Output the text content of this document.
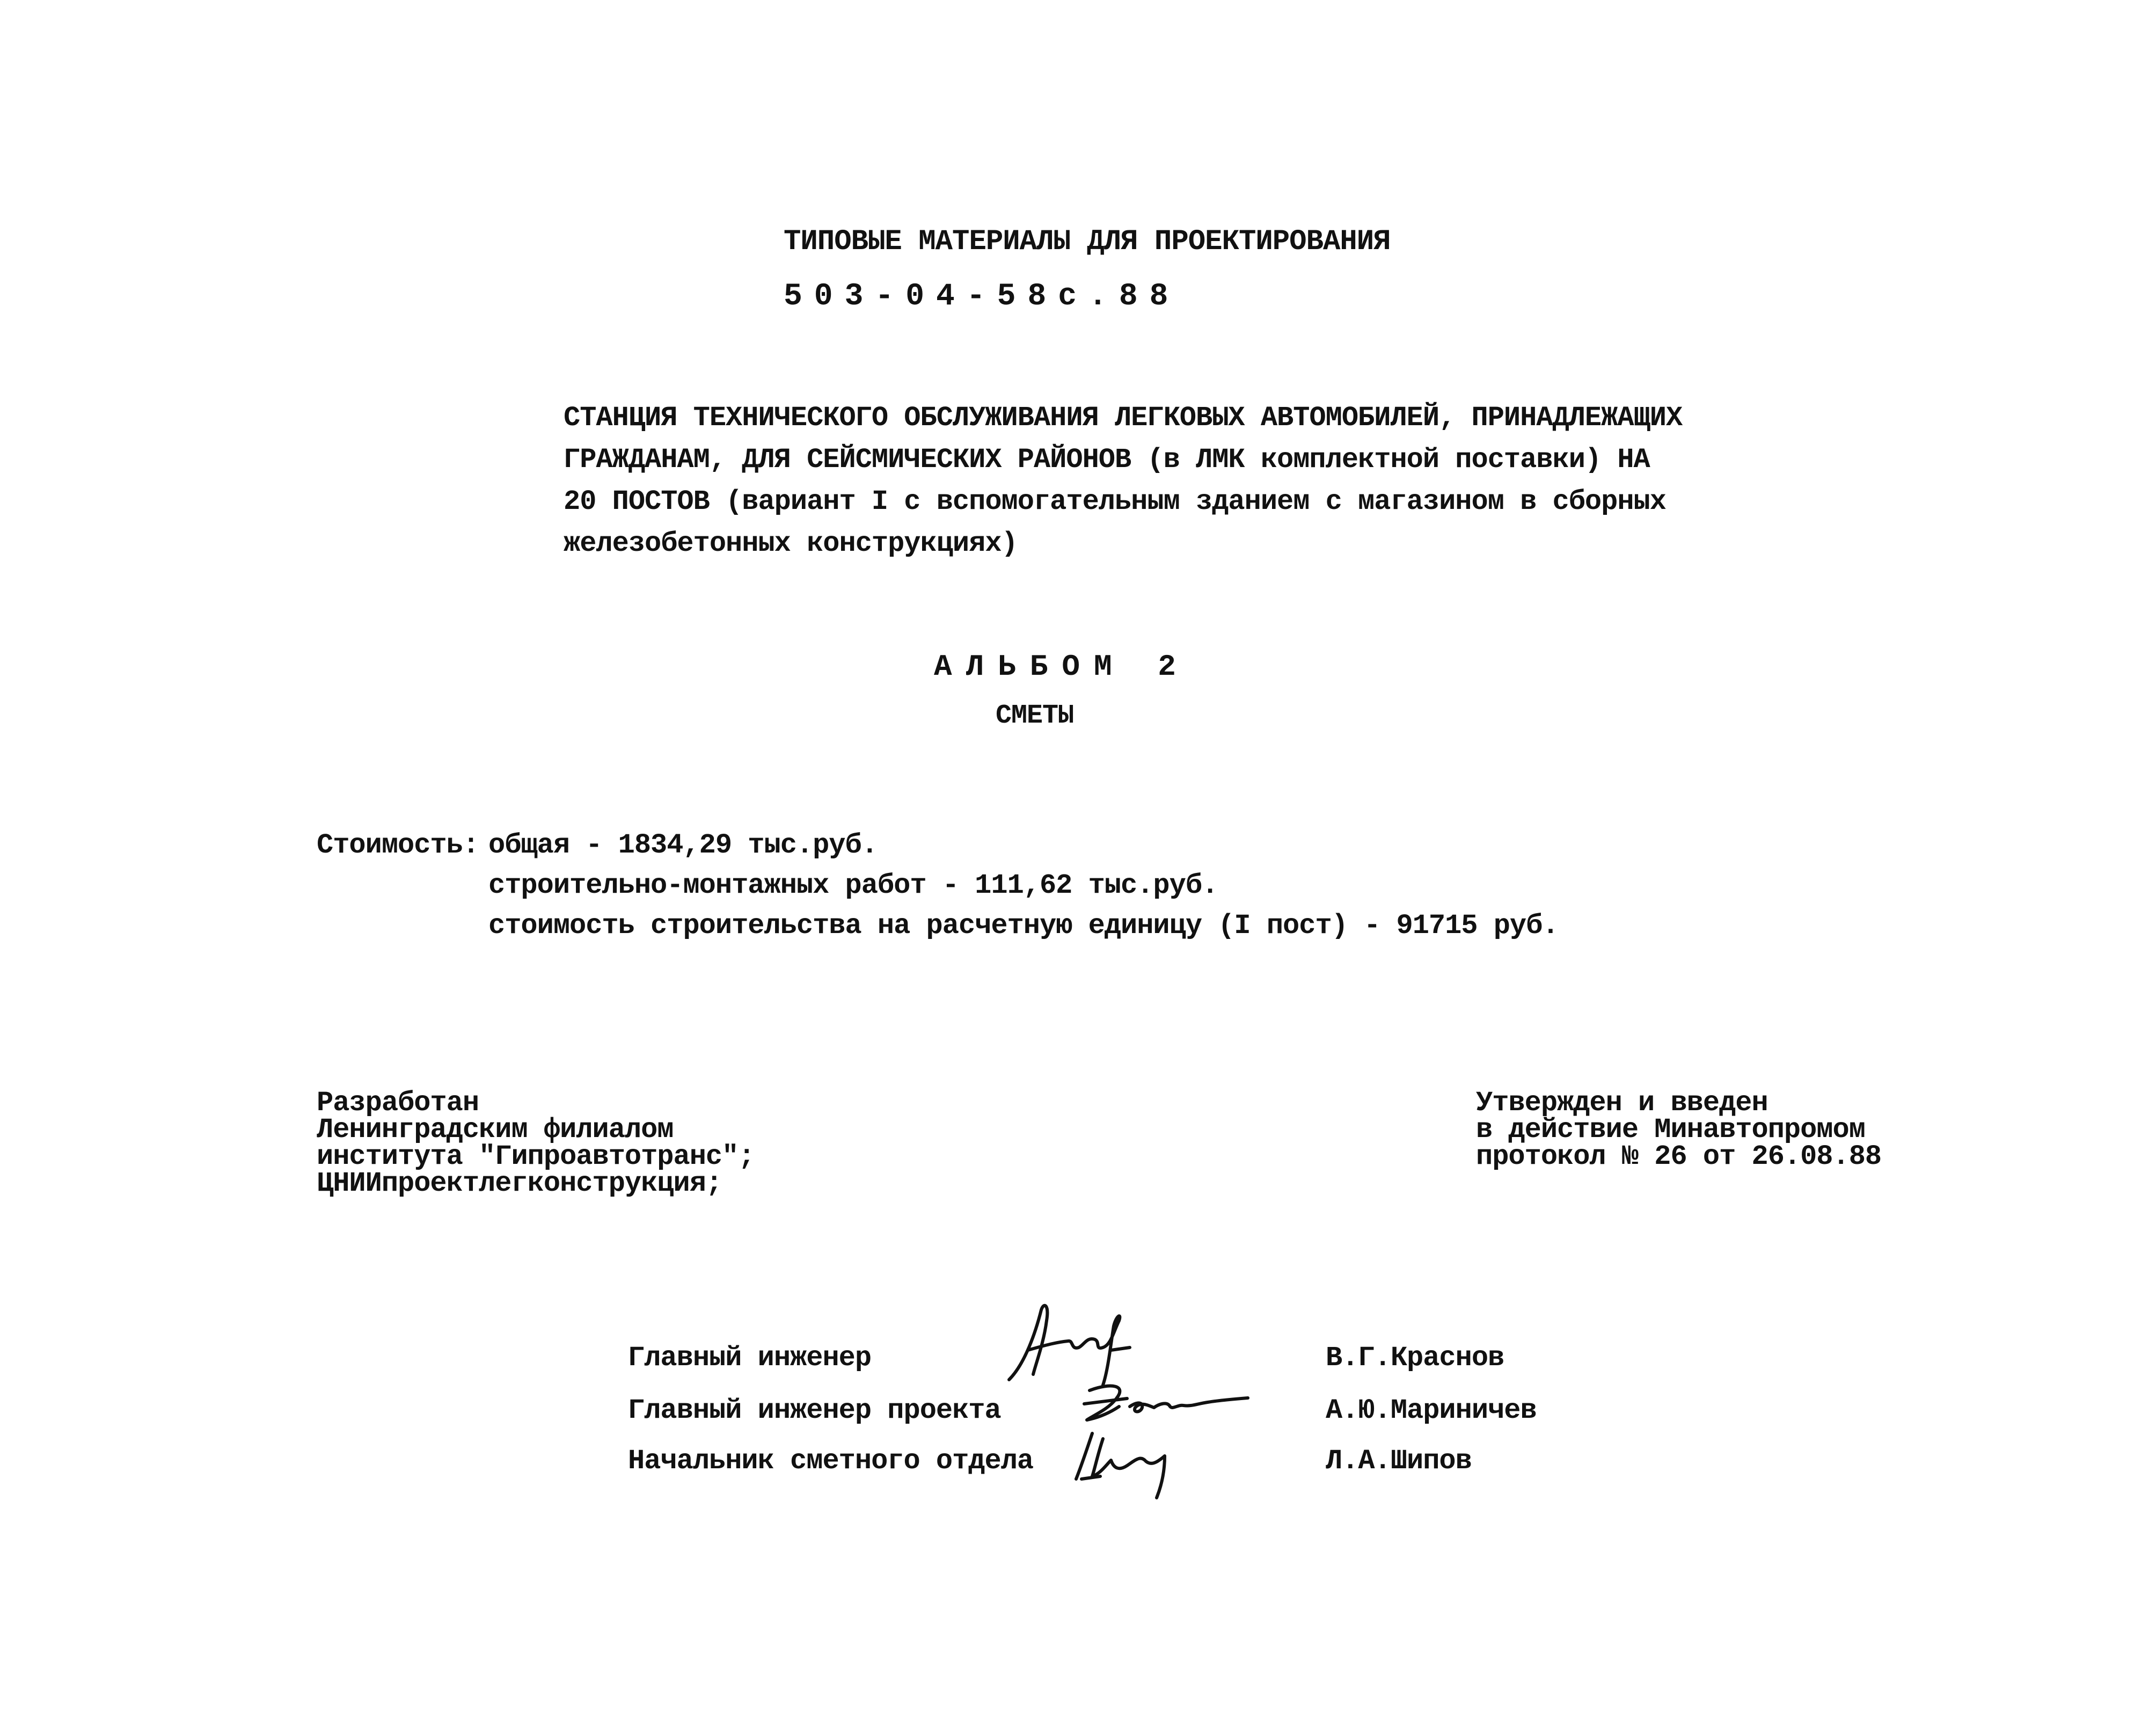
ТИПОВЫЕ МАТЕРИАЛЫ ДЛЯ ПРОЕКТИРОВАНИЯ
503-04-58с.88
СТАНЦИЯ ТЕХНИЧЕСКОГО ОБСЛУЖИВАНИЯ ЛЕГКОВЫХ АВТОМОБИЛЕЙ, ПРИНАДЛЕЖАЩИХ
ГРАЖДАНАМ, ДЛЯ СЕЙСМИЧЕСКИХ РАЙОНОВ (в ЛМК комплектной поставки) НА
20 ПОСТОВ (вариант I с вспомогательным зданием с магазином в сборных
железобетонных конструкциях)
АЛЬБОМ 2
СМЕТЫ
Стоимость: общая - 1834,29 тыс.руб.
строительно-монтажных работ - 111,62 тыс.руб.
стоимость строительства на расчетную единицу (I пост) - 91715 руб.
Разработан
Ленинградским филиалом
института "Гипроавтотранс";
ЦНИИпроектлегконструкция;
Утвержден и введен
в действие Минавтопромом
протокол № 26 от 26.08.88
Главный инженер
Главный инженер проекта
Начальник сметного отдела
В.Г.Краснов
А.Ю.Мариничев
Л.А.Шипов
